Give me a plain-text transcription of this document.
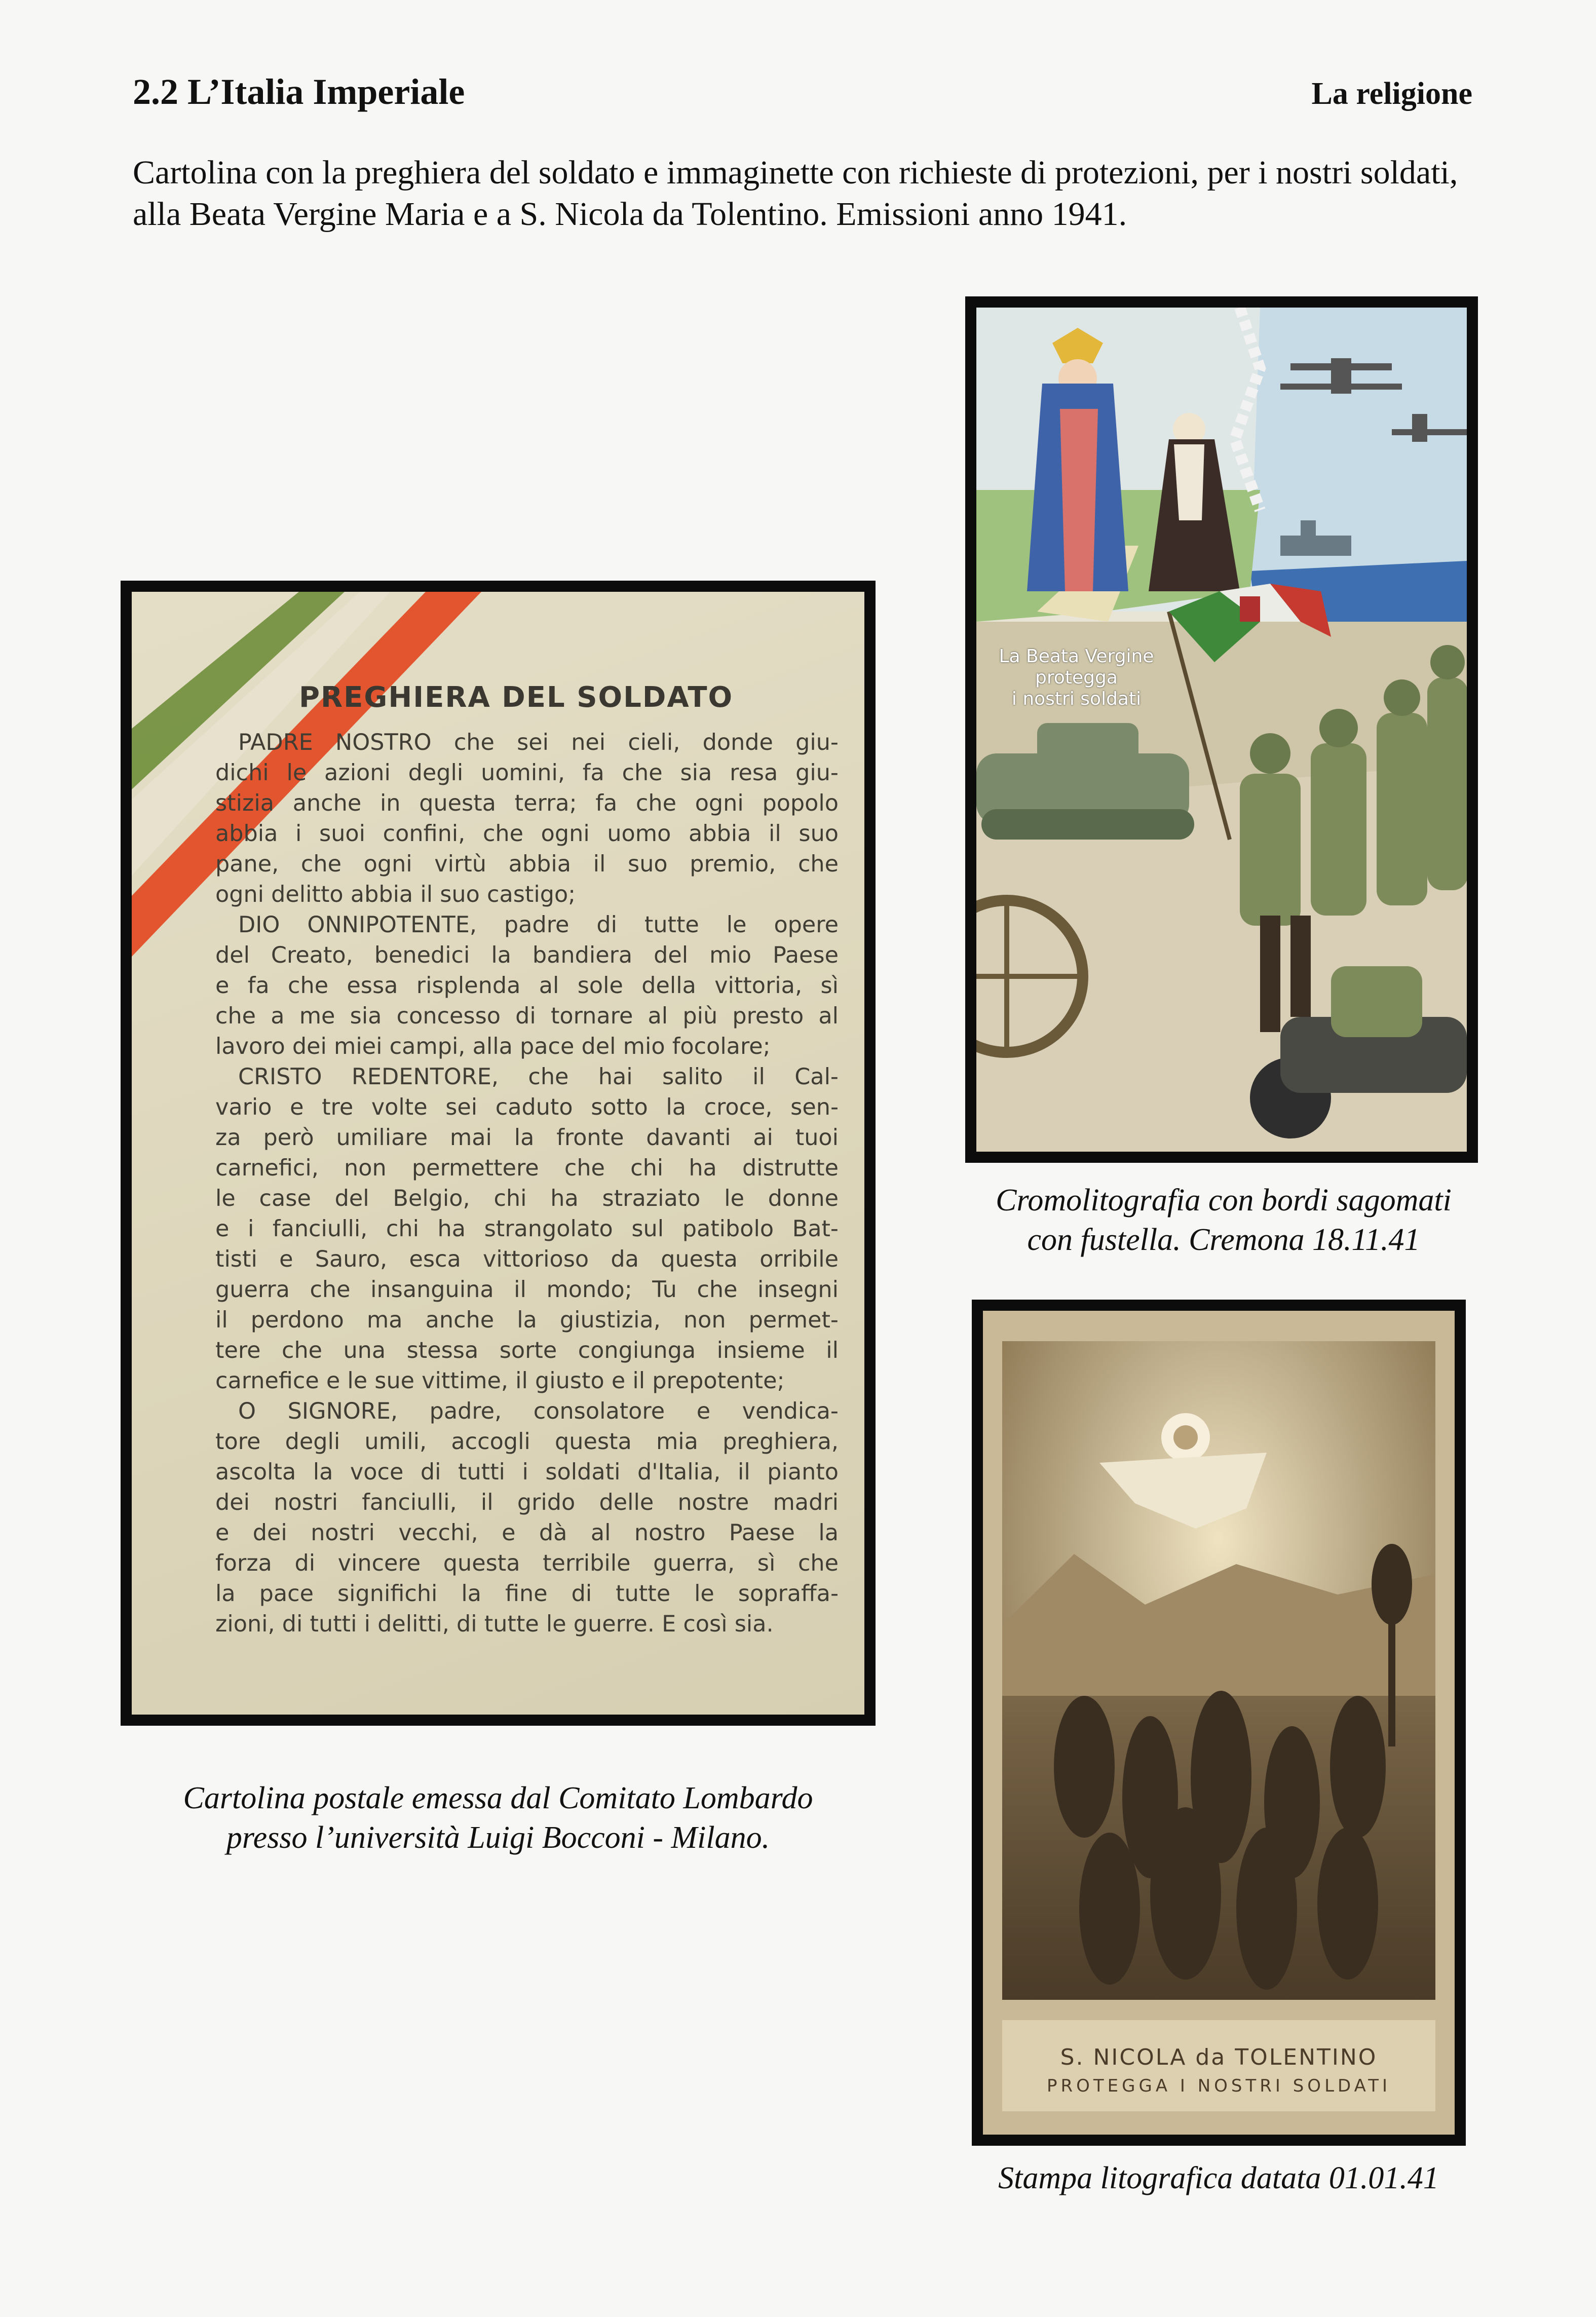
2.2 L’Italia Imperiale	La religione
Cartolina con la preghiera del soldato e immaginette con richieste di protezioni, per i nostri soldati,
alla Beata Vergine Maria e a S. Nicola da Tolentino. Emissioni anno 1941.
PREGHIERA DEL SOLDATO
PADRE NOSTRO che sei nei cieli, donde giu-
dichi le azioni degli uomini, fa che sia resa giu-
stizia anche in questa terra; fa che ogni popolo
abbia i suoi confini, che ogni uomo abbia il suo
pane, che ogni virtù abbia il suo premio, che
ogni delitto abbia il suo castigo;
DIO ONNIPOTENTE, padre di tutte le opere
del Creato, benedici la bandiera del mio Paese
e fa che essa risplenda al sole della vittoria, sì
che a me sia concesso di tornare al più presto al
lavoro dei miei campi, alla pace del mio focolare;
CRISTO REDENTORE, che hai salito il Cal-
vario e tre volte sei caduto sotto la croce, sen-
za però umiliare mai la fronte davanti ai tuoi
carnefici, non permettere che chi ha distrutte
le case del Belgio, chi ha straziato le donne
e i fanciulli, chi ha strangolato sul patibolo Bat-
tisti e Sauro, esca vittorioso da questa orribile
guerra che insanguina il mondo; Tu che insegni
il perdono ma anche la giustizia, non permet-
tere che una stessa sorte congiunga insieme il
carnefice e le sue vittime, il giusto e il prepotente;
O SIGNORE, padre, consolatore e vendica-
tore degli umili, accogli questa mia preghiera,
ascolta la voce di tutti i soldati d'Italia, il pianto
dei nostri fanciulli, il grido delle nostre madri
e dei nostri vecchi, e dà al nostro Paese la
forza di vincere questa terribile guerra, sì che
la pace significhi la fine di tutte le sopraffa-
zioni, di tutti i delitti, di tutte le guerre. E così sia.
Cartolina postale emessa dal Comitato Lombardo
presso l’università Luigi Bocconi - Milano.
La Beata Vergine
protegga
i nostri soldati
Cromolitografia con bordi sagomati
con fustella. Cremona 18.11.41
S. NICOLA da TOLENTINO
PROTEGGA I NOSTRI SOLDATI
Stampa litografica datata 01.01.41
